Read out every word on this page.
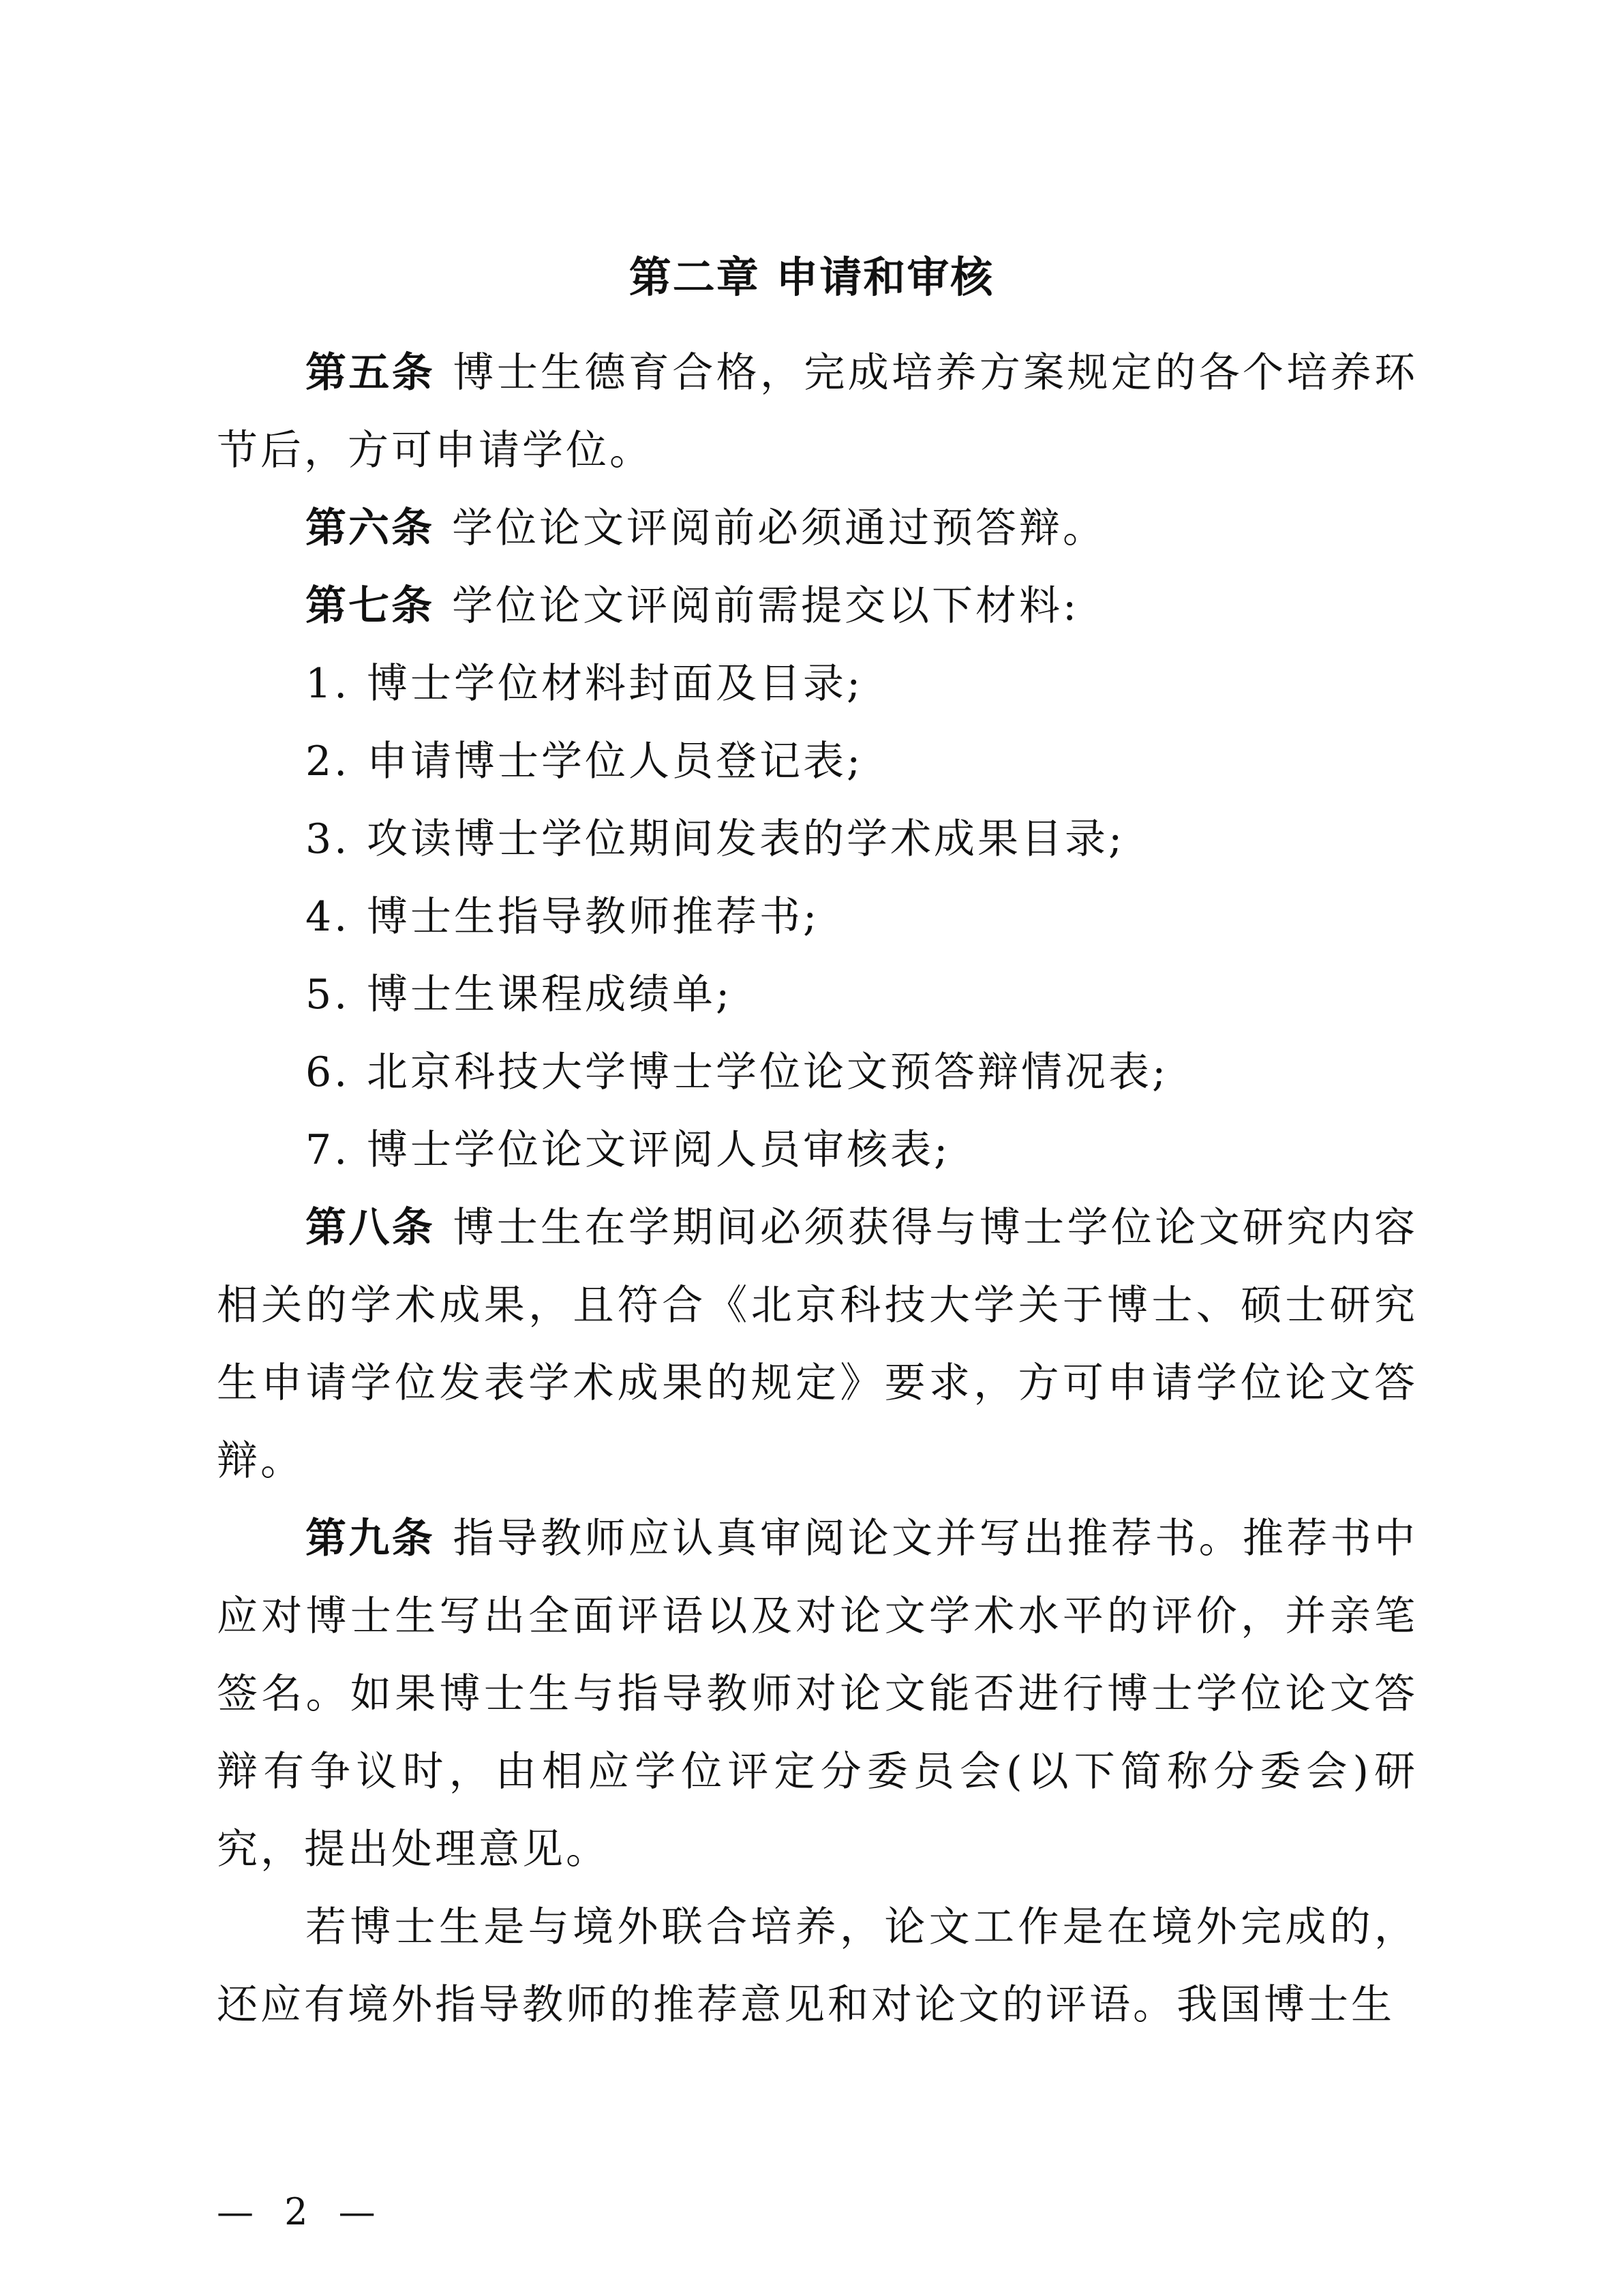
第二章 申请和审核

第五条 博士生德育合格，完成培养方案规定的各个培养环节后，方可申请学位。

第六条 学位论文评阅前必须通过预答辩。

第七条 学位论文评阅前需提交以下材料:

1. 博士学位材料封面及目录;

2. 申请博士学位人员登记表;

3. 攻读博士学位期间发表的学术成果目录;

4. 博士生指导教师推荐书;

5. 博士生课程成绩单;

6. 北京科技大学博士学位论文预答辩情况表;

7. 博士学位论文评阅人员审核表;

第八条 博士生在学期间必须获得与博士学位论文研究内容相关的学术成果，且符合《北京科技大学关于博士、硕士研究生申请学位发表学术成果的规定》要求，方可申请学位论文答辩。

第九条 指导教师应认真审阅论文并写出推荐书。推荐书中应对博士生写出全面评语以及对论文学术水平的评价，并亲笔签名。如果博士生与指导教师对论文能否进行博士学位论文答辩有争议时，由相应学位评定分委员会(以下简称分委会)研究，提出处理意见。

若博士生是与境外联合培养，论文工作是在境外完成的，还应有境外指导教师的推荐意见和对论文的评语。我国博士生

— 2 —
